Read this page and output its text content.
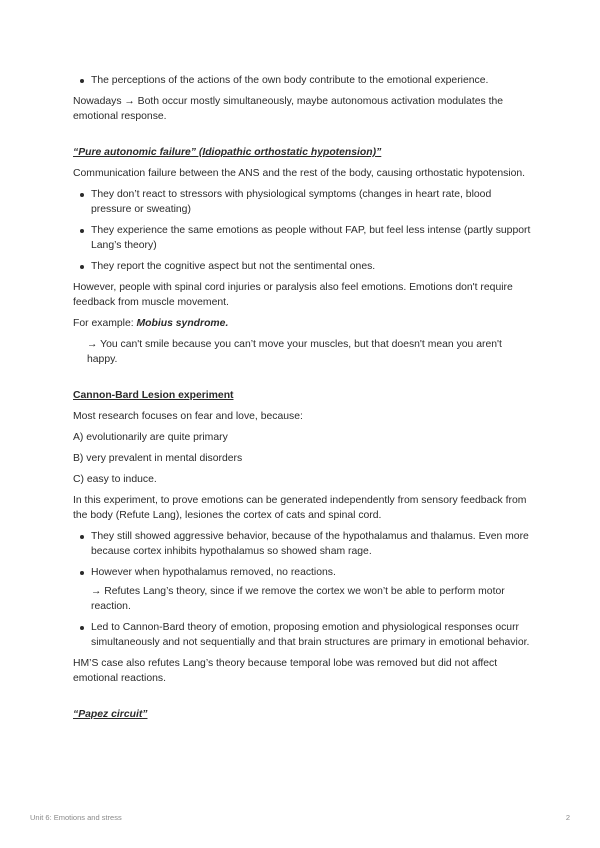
The perceptions of the actions of the own body contribute to the emotional experience.

Nowadays → Both occur mostly simultaneously, maybe autonomous activation modulates the emotional response.

“Pure autonomic failure” (Idiopathic orthostatic hypotension)”

Communication failure between the ANS and the rest of the body, causing orthostatic hypotension.

They don’t react to stressors with physiological symptoms (changes in heart rate, blood pressure or sweating)
They experience the same emotions as people without FAP, but feel less intense (partly support Lang’s theory)
They report the cognitive aspect but not the sentimental ones.

However, people with spinal cord injuries or paralysis also feel emotions. Emotions don't require feedback from muscle movement.

For example: Mobius syndrome.

→ You can't smile because you can’t move your muscles, but that doesn't mean you aren't happy.

Cannon-Bard Lesion experiment

Most research focuses on fear and love, because:

A) evolutionarily are quite primary

B) very prevalent in mental disorders

C) easy to induce.

In this experiment, to prove emotions can be generated independently from sensory feedback from the body (Refute Lang), lesiones the cortex of cats and spinal cord.

They still showed aggressive behavior, because of the hypothalamus and thalamus. Even more because cortex inhibits hypothalamus so showed sham rage.
However when hypothalamus removed, no reactions.
→ Refutes Lang’s theory, since if we remove the cortex we won’t be able to perform motor reaction.
Led to Cannon-Bard theory of emotion, proposing emotion and physiological responses ocurr simultaneously and not sequentially and that brain structures are primary in emotional behavior.

HM’S case also refutes Lang’s theory because temporal lobe was removed but did not affect emotional reactions.

“Papez circuit”
Unit 6: Emotions and stress	2
